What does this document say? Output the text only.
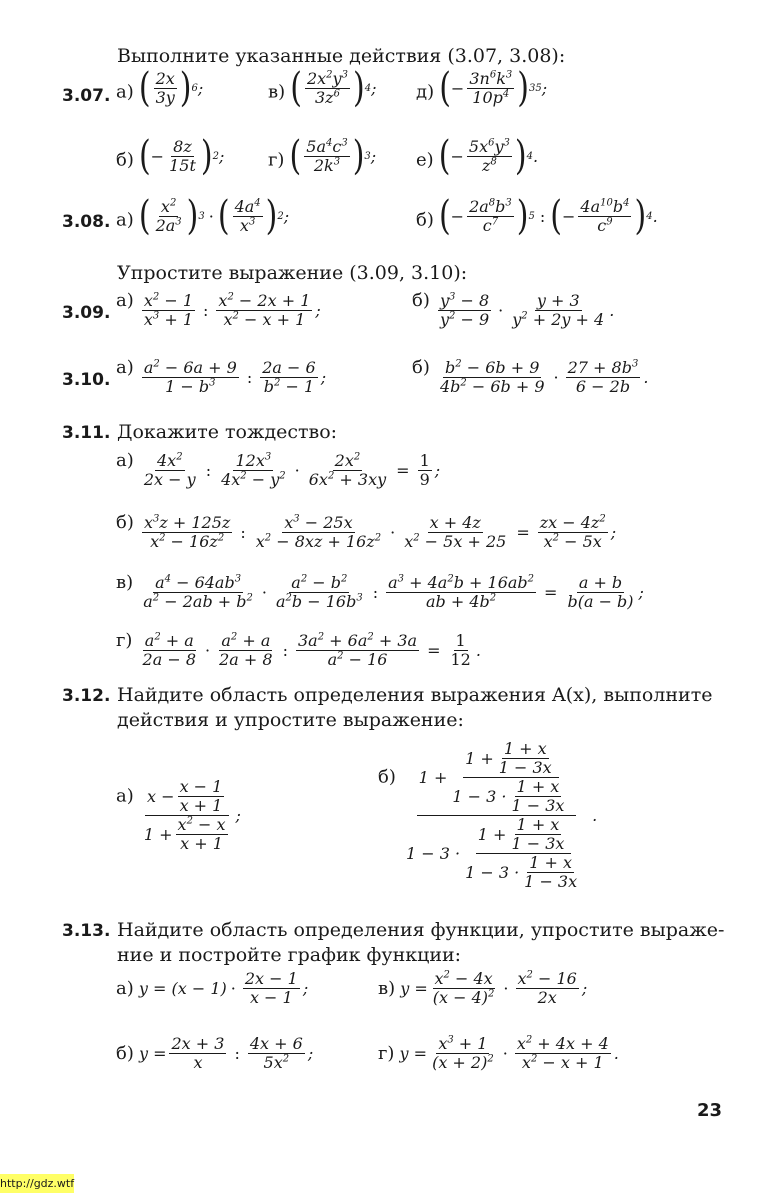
Выполните указанные действия (3.07, 3.08):
3.07. а) ( 2x
3y ) 6 ;	в) ( $2x^2y^3$
$3z^6$ ) 4 ; д) ( − $\frac{3n^6k^3}{10p^4}$ ) 35 ;
б) ( − $\frac{8z}{15t}$ ) 2 ; г) ( $5a^4c^3$
$2k^3$ ) 3 ; е) ( − $\frac{5x^6y^3}{z^8}$ ) 4 .
3.08. а) ( $x^2$
$2a^3$ ) 3 · ( $4a^4$
$x^3$ ) 2 ;	б) ( − $\frac{2a^8b^3}{c^7}$ ) 5 : ( − $\frac{4a^{10}b^4}{c^9}$ ) 4 .
Упростите выражение (3.09, 3.10):
3.09.
а) $x^2 - 1$
$x^3 + 1$ :
$x^2 - 2x + 1$
$x^2 - x + 1$ ;	б) $y^3 - 8$
$y^2 - 9$ ·
y + 3
$y^2 + 2y + 4$ .
3.10.
а) $a^2 - 6a + 9$
$1 - b^3$ :
2a − 6
$b^2 - 1$ ;	б) $b^2 - 6b + 9$
$4b^2 - 6b + 9$ ·
$27 + 8b^3$
6 − 2b .
3.11. Докажите тождество:
а) $4x^2$
2x − y :
$12x^3$
$4x^2 - y^2 \cdot \frac{2x^2}{6x^2 + 3xy} = \frac{1}{9}$ ;
б) $x^3z + 125z$
$x^2 - 16z^2$ :
$x^3 - 25x$
$x^2 - 8xz + 16z^2 \cdot \frac{x + 4z}{x^2 - 5x + 25} = \frac{zx - 4z^2}{x^2 - 5x}$ ;
в) $a^4 - 64ab^3$
$a^2 - 2ab + b^2$ ·
$a^2 - b^2$
$a^2b - 16b^3$ : $\frac{a^3 + 4a^2b + 16ab^2}{ab + 4b^2} = \frac{a + b}{b(a - b)}$ ;
г) $a^2 + a$
2a − 8 ·
$a^2 + a$
2a + 8 : $\frac{3a^2 + 6a^2 + 3a}{a^2 - 16} = \frac{1}{12}$ .
3.12. Найдите область определения выражения A(x), выполните
действия и упростите выражение:
а) x − x − 1
x + 1
$1 + x^2 - x$
x + 1
;
б) 1 +
1 + 1 + x
1 − 3x
1 − 3 · 1 + x
1 − 3x
1 − 3 ·
1 + 1 + x
1 − 3x
1 − 3 · 1 + x
1 − 3x
.
3.13. Найдите область определения функции, упростите выраже-
ние и постройте график функции:
а) y = (x − 1) ·
2x − 1
x − 1 ;	в) y =
$x^2 - 4x$
$(x - 4)^2$ ·
$x^2 - 16$
2x ;
б) y =
2x + 3
x :
4x + 6
$5x^2$ ;	г) y =
$x^3 + 1$
$(x + 2)^2$ ·
$x^2 + 4x + 4$
$x^2 - x + 1$ .
23
http://gdz.wtf
